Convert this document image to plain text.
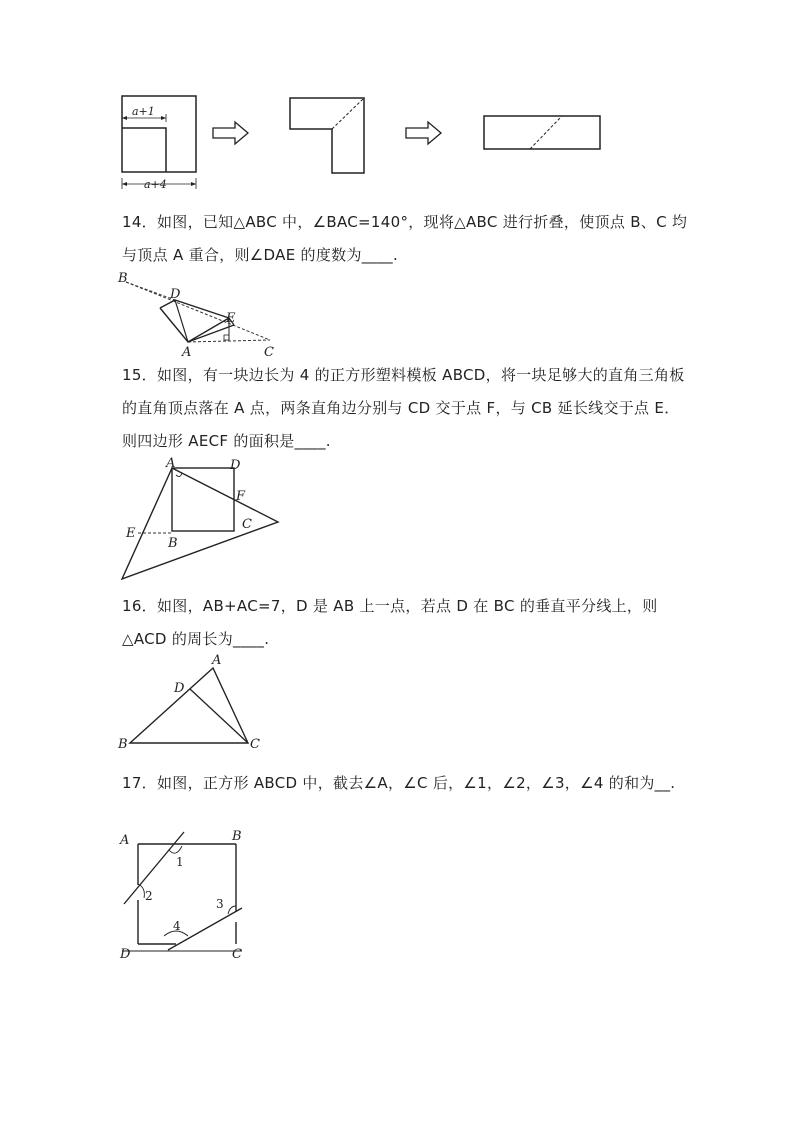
a+1
a+4

14．如图，已知△ABC 中，∠BAC=140°，现将△ABC 进行折叠，使顶点 B、C 均与顶点 A 重合，则∠DAE 的度数为____.

B
D
E
A	C

15．如图，有一块边长为 4 的正方形塑料模板 ABCD，将一块足够大的直角三角板的直角顶点落在 A 点，两条直角边分别与 CD 交于点 F，与 CB 延长线交于点 E．则四边形 AECF 的面积是____.

A	D
F
C
E
B

16．如图，AB+AC=7，D 是 AB 上一点，若点 D 在 BC 的垂直平分线上，则△ACD 的周长为____.

A
D
B	C

17．如图，正方形 ABCD 中，截去∠A，∠C 后，∠1，∠2，∠3，∠4 的和为__.

A	B
D	C
1
2
3
4
